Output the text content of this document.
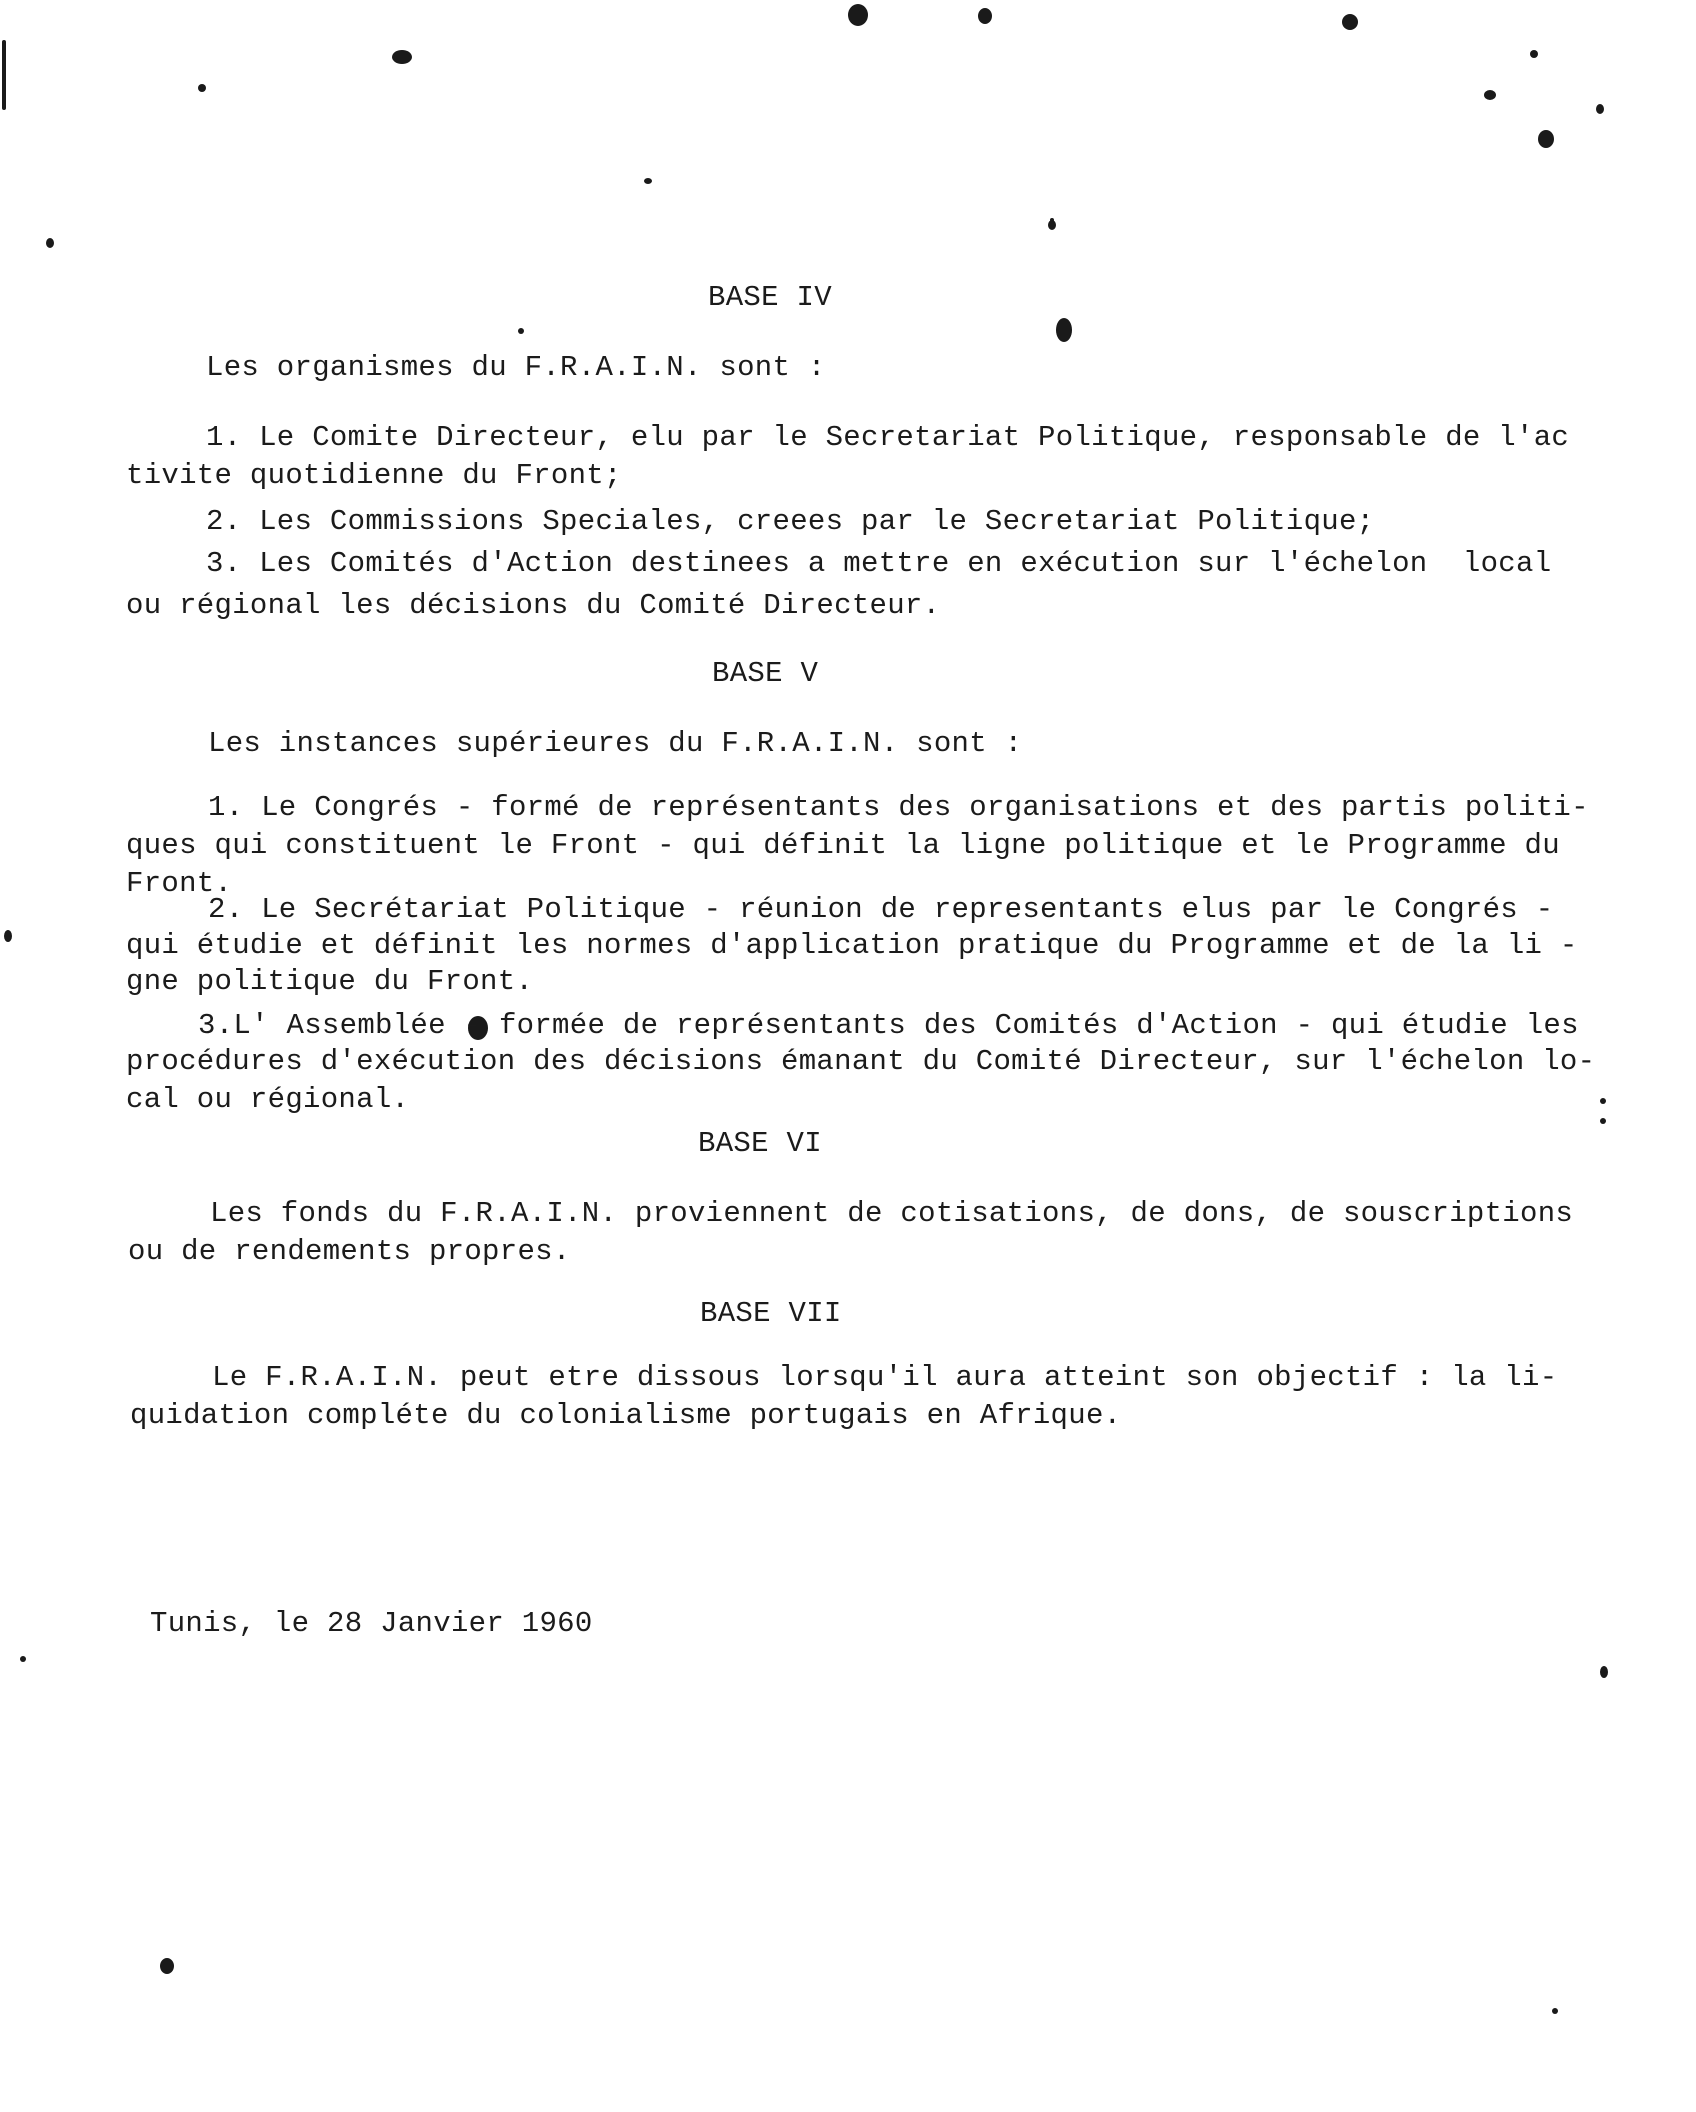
BASE IV
Les organismes du F.R.A.I.N. sont :
1. Le Comite Directeur, elu par le Secretariat Politique, responsable de l'ac
tivite quotidienne du Front;
2. Les Commissions Speciales, creees par le Secretariat Politique;
3. Les Comités d'Action destinees a mettre en exécution sur l'échelon  local
ou régional les décisions du Comité Directeur.
BASE V
Les instances supérieures du F.R.A.I.N. sont :
1. Le Congrés - formé de représentants des organisations et des partis politi-
ques qui constituent le Front - qui définit la ligne politique et le Programme du
Front.
2. Le Secrétariat Politique - réunion de representants elus par le Congrés -
qui étudie et définit les normes d'application pratique du Programme et de la li -
gne politique du Front.
3.L' Assemblée - formée de représentants des Comités d'Action - qui étudie les
procédures d'exécution des décisions émanant du Comité Directeur, sur l'échelon lo-
cal ou régional.
BASE VI
Les fonds du F.R.A.I.N. proviennent de cotisations, de dons, de souscriptions
ou de rendements propres.
BASE VII
Le F.R.A.I.N. peut etre dissous lorsqu'il aura atteint son objectif : la li-
quidation compléte du colonialisme portugais en Afrique.
Tunis, le 28 Janvier 1960
